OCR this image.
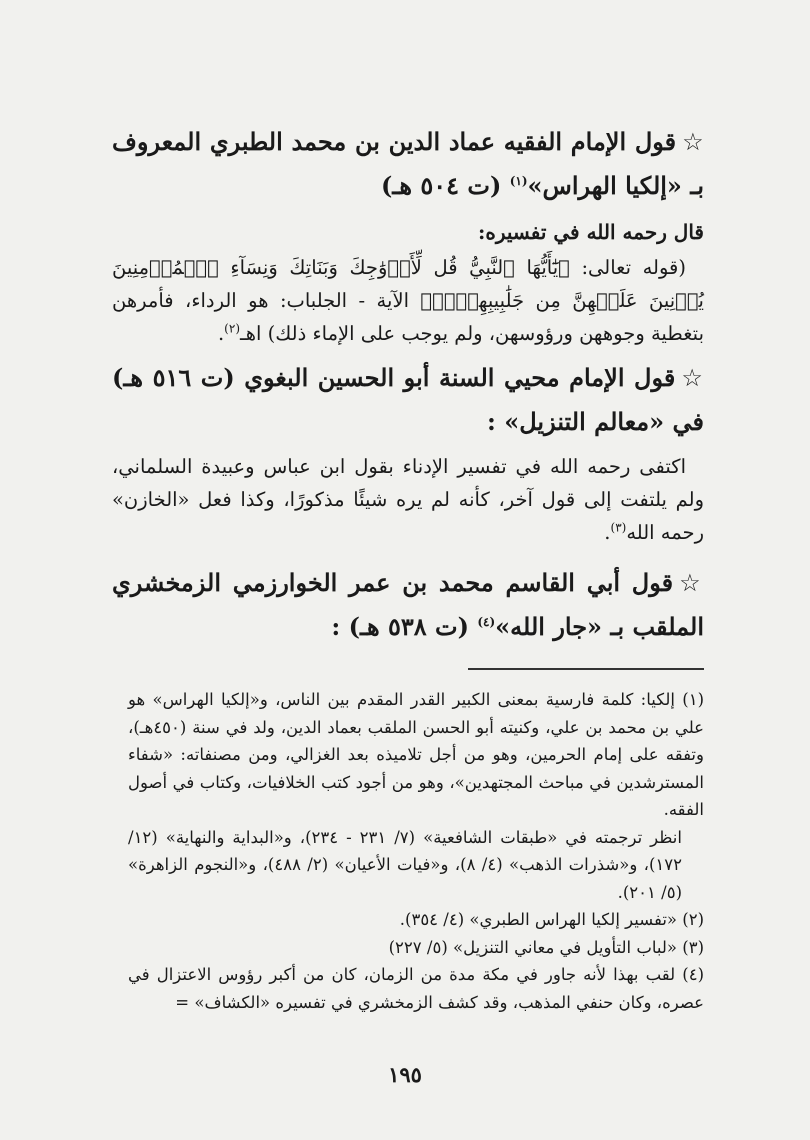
☆قول الإمام الفقيه عماد الدين بن محمد الطبري المعروف بـ «إلكيا الهراس»$^{(١)}$ (ت ٥٠٤ هـ)

قال رحمه الله في تفسيره:

(قوله تعالى: ﴿يَٰٓأَيُّهَا ٱلنَّبِيُّ قُل لِّأَزۡوَٰجِكَ وَبَنَاتِكَ وَنِسَآءِ ٱلۡمُؤۡمِنِينَ يُدۡنِينَ عَلَيۡهِنَّ مِن جَلَٰبِيبِهِنَّۚ﴾ الآية - الجلباب: هو الرداء، فأمرهن بتغطية وجوههن ورؤوسهن، ولم يوجب على الإماء ذلك) اهـ$^{(٢)}$.

☆قول الإمام محيي السنة أبو الحسين البغوي (ت ٥١٦ هـ) في «معالم التنزيل» :

اكتفى رحمه الله في تفسير الإدناء بقول ابن عباس وعبيدة السلماني، ولم يلتفت إلى قول آخر، كأنه لم يره شيئًا مذكورًا، وكذا فعل «الخازن» رحمه الله$^{(٣)}$.

☆قول أبي القاسم محمد بن عمر الخوارزمي الزمخشري الملقب بـ «جار الله»$^{(٤)}$ (ت ٥٣٨ هـ) :

(١) إلكيا: كلمة فارسية بمعنى الكبير القدر المقدم بين الناس، و«إلكيا الهراس» هو علي بن محمد بن علي، وكنيته أبو الحسن الملقب بعماد الدين، ولد في سنة (٤٥٠هـ)، وتفقه على إمام الحرمين، وهو من أجل تلاميذه بعد الغزالي، ومن مصنفاته: «شفاء المسترشدين في مباحث المجتهدين»، وهو من أجود كتب الخلافيات، وكتاب في أصول الفقه.

انظر ترجمته في «طبقات الشافعية» (٧/ ٢٣١ - ٢٣٤)، و«البداية والنهاية» (١٢/ ١٧٢)، و«شذرات الذهب» (٤/ ٨)، و«فيات الأعيان» (٢/ ٤٨٨)، و«النجوم الزاهرة» (٥/ ٢٠١).

(٢) «تفسير إلكيا الهراس الطبري» (٤/ ٣٥٤).

(٣) «لباب التأويل في معاني التنزيل» (٥/ ٢٢٧)

(٤) لقب بهذا لأنه جاور في مكة مدة من الزمان، كان من أكبر رؤوس الاعتزال في عصره، وكان حنفي المذهب، وقد كشف الزمخشري في تفسيره «الكشاف» =

١٩٥
